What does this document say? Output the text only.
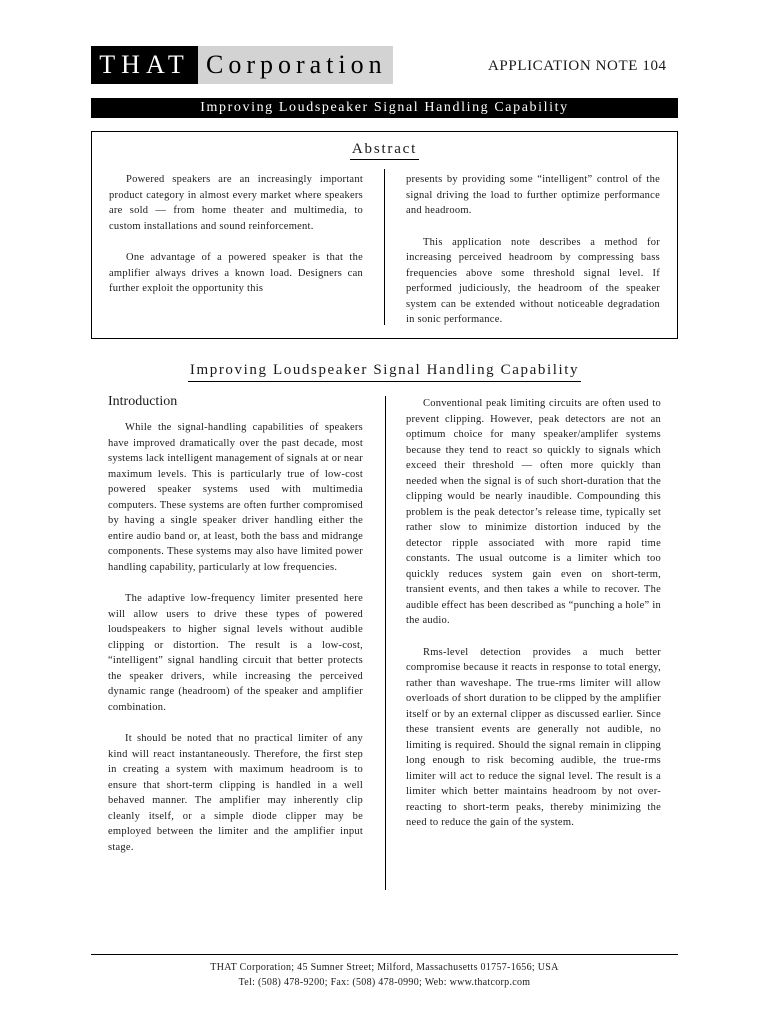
THAT Corporation	APPLICATION NOTE 104
Improving Loudspeaker Signal Handling Capability
Abstract

Powered speakers are an increasingly important product category in almost every market where speakers are sold — from home theater and multimedia, to custom installations and sound reinforcement.

One advantage of a powered speaker is that the amplifier always drives a known load. Designers can further exploit the opportunity this

presents by providing some “intelligent” control of the signal driving the load to further optimize performance and headroom.

This application note describes a method for increasing perceived headroom by compressing bass frequencies above some threshold signal level. If performed judiciously, the headroom of the speaker system can be extended without noticeable degradation in sonic performance.

Improving Loudspeaker Signal Handling Capability
Introduction

While the signal-handling capabilities of speakers have improved dramatically over the past decade, most systems lack intelligent management of signals at or near maximum levels. This is particularly true of low-cost powered speaker systems used with multimedia computers. These systems are often further compromised by having a single speaker driver handling either the entire audio band or, at least, both the bass and midrange components. These systems may also have limited power handling capability, particularly at low frequencies.

The adaptive low-frequency limiter presented here will allow users to drive these types of powered loudspeakers to higher signal levels without audible clipping or distortion. The result is a low-cost, “intelligent” signal handling circuit that better protects the speaker drivers, while increasing the perceived dynamic range (headroom) of the speaker and amplifier combination.

It should be noted that no practical limiter of any kind will react instantaneously. Therefore, the first step in creating a system with maximum headroom is to ensure that short-term clipping is handled in a well behaved manner. The amplifier may inherently clip cleanly itself, or a simple diode clipper may be employed between the limiter and the amplifier input stage.

Conventional peak limiting circuits are often used to prevent clipping. However, peak detectors are not an optimum choice for many speaker/amplifer systems because they tend to react so quickly to signals which exceed their threshold — often more quickly than needed when the signal is of such short-duration that the clipping would be nearly inaudible. Compounding this problem is the peak detector’s release time, typically set rather slow to minimize distortion induced by the detector ripple associated with more rapid time constants. The usual outcome is a limiter which too quickly reduces system gain even on short-term, transient events, and then takes a while to recover. The audible effect has been described as “punching a hole” in the audio.

Rms-level detection provides a much better compromise because it reacts in response to total energy, rather than waveshape. The true-rms limiter will allow overloads of short duration to be clipped by the amplifier itself or by an external clipper as discussed earlier. Since these transient events are generally not audible, no limiting is required. Should the signal remain in clipping long enough to risk becoming audible, the true-rms limiter will act to reduce the signal level. The result is a limiter which better maintains headroom by not over-reacting to short-term peaks, thereby minimizing the need to reduce the gain of the system.

THAT Corporation; 45 Sumner Street; Milford, Massachusetts 01757-1656; USA
Tel: (508) 478-9200; Fax: (508) 478-0990; Web: www.thatcorp.com
